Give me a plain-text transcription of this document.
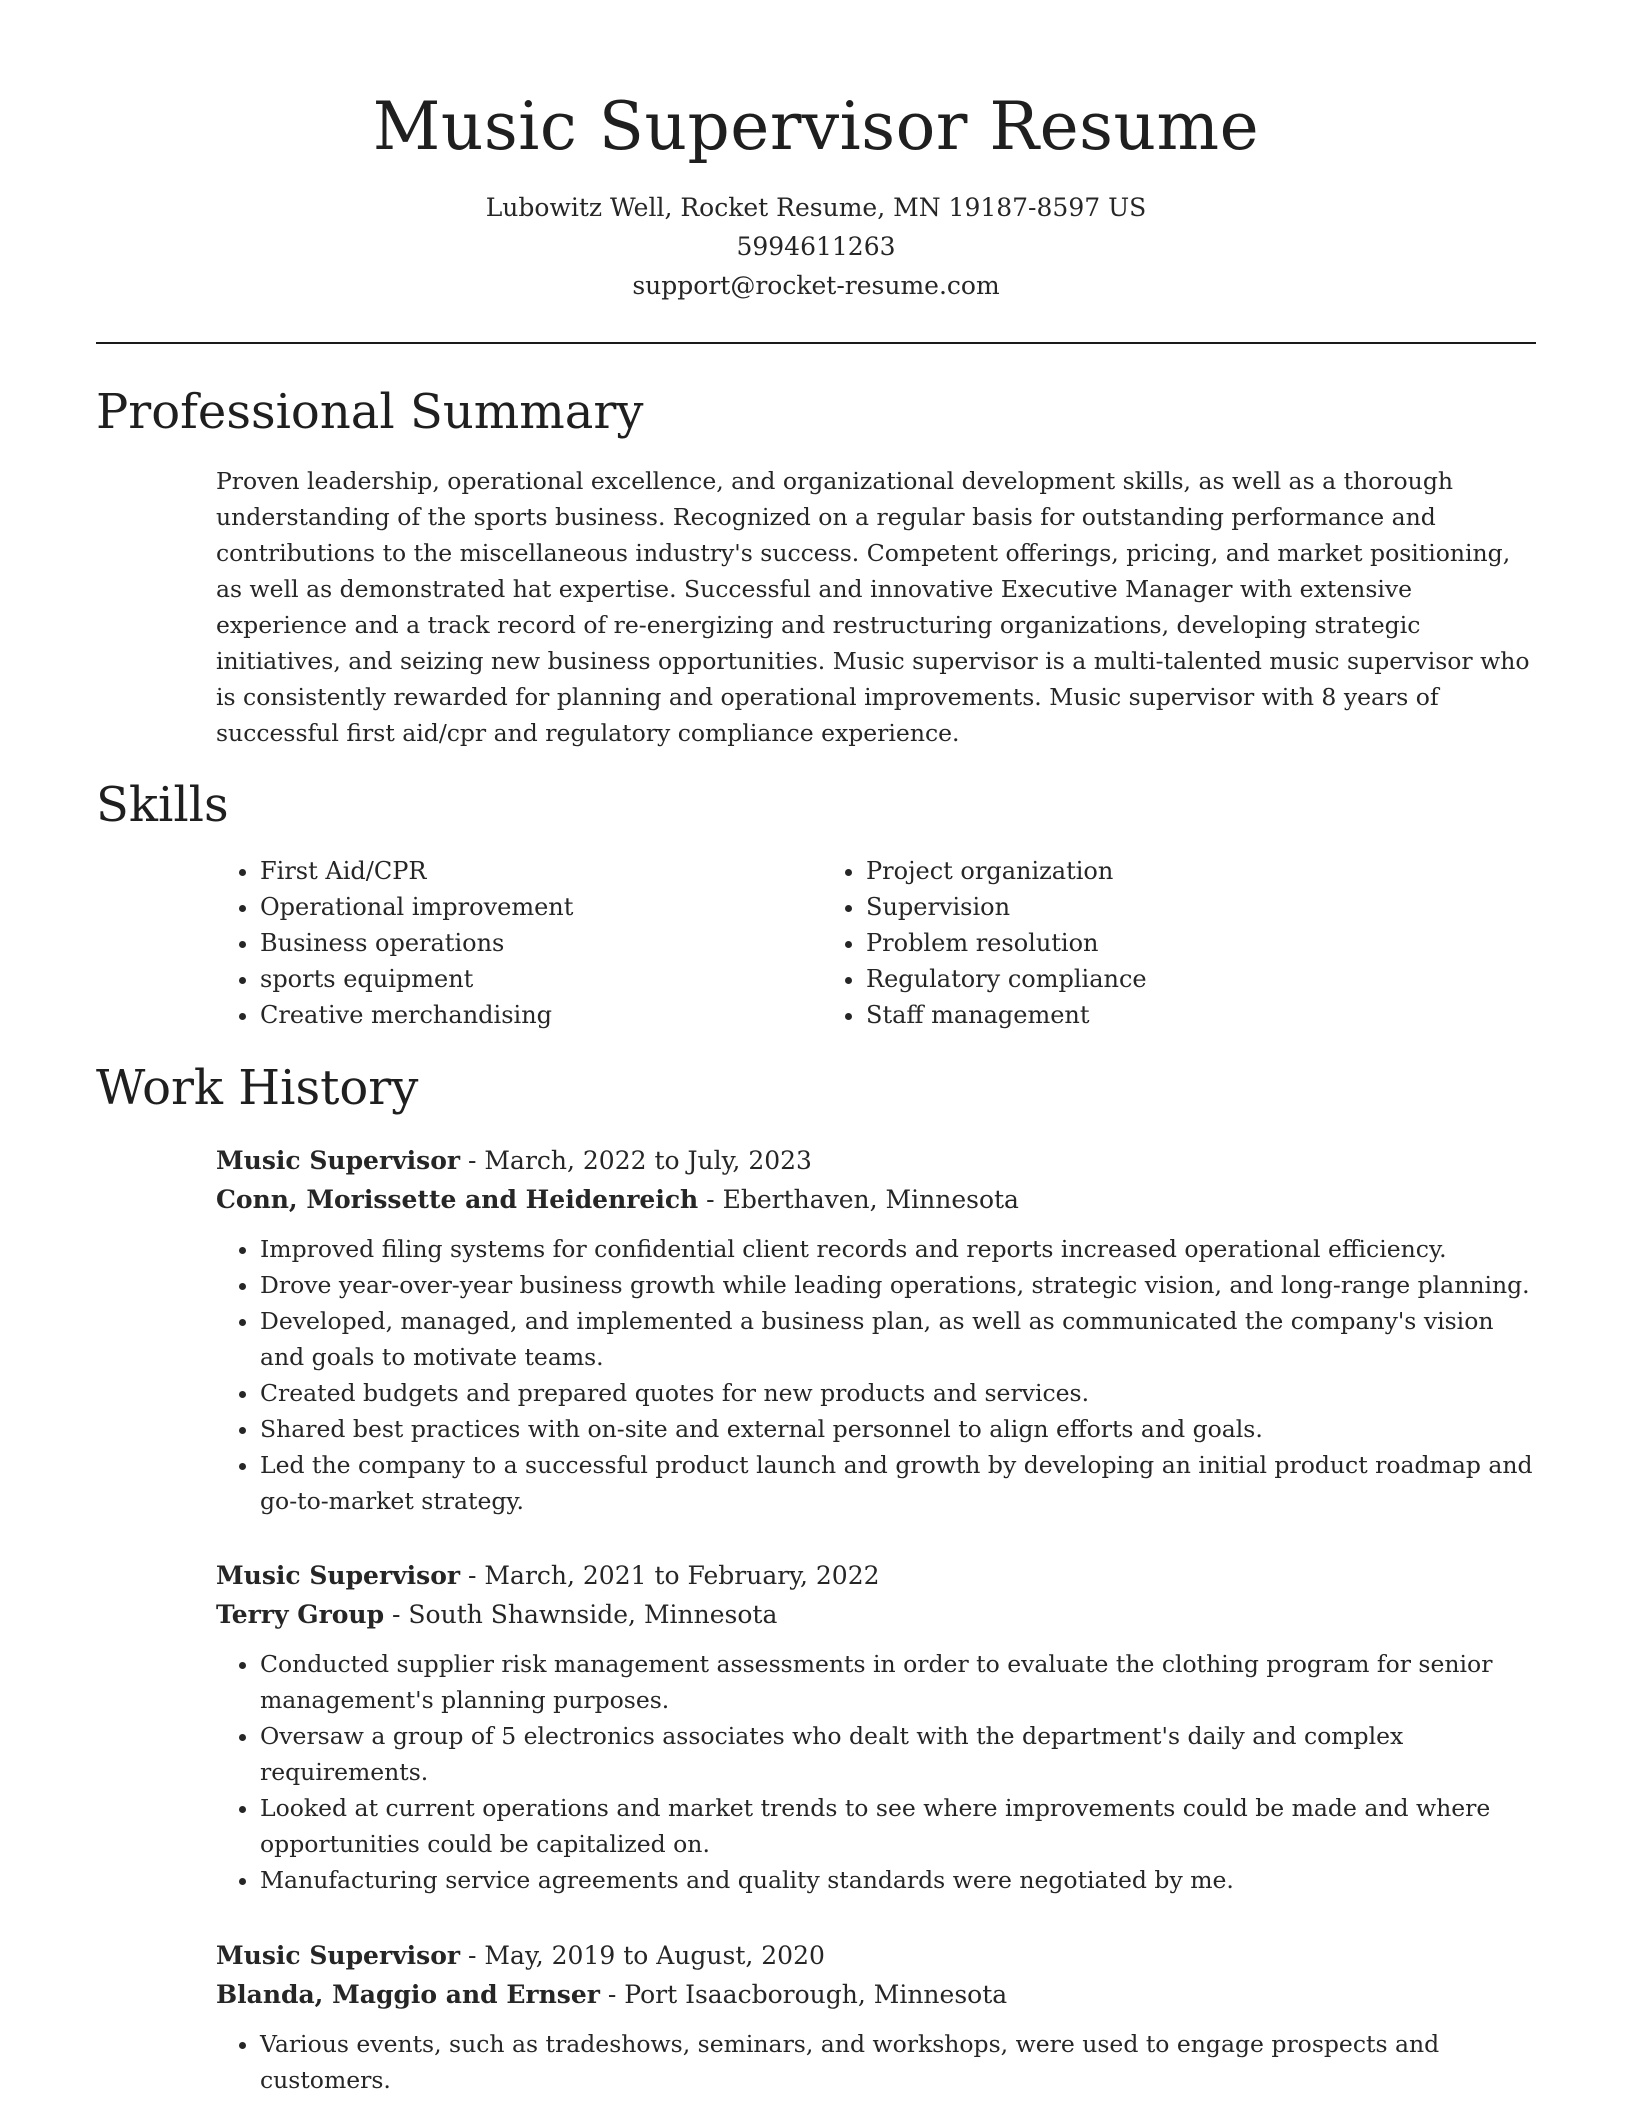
Music Supervisor Resume
Lubowitz Well, Rocket Resume, MN 19187-8597 US
5994611263
support@rocket-resume.com
Professional Summary

Proven leadership, operational excellence, and organizational development skills, as well as a thorough understanding of the sports business. Recognized on a regular basis for outstanding performance and contributions to the miscellaneous industry's success. Competent offerings, pricing, and market positioning, as well as demonstrated hat expertise. Successful and innovative Executive Manager with extensive experience and a track record of re-energizing and restructuring organizations, developing strategic initiatives, and seizing new business opportunities. Music supervisor is a multi-talented music supervisor who is consistently rewarded for planning and operational improvements. Music supervisor with 8 years of successful first aid/cpr and regulatory compliance experience.

Skills
• First Aid/CPR
• Operational improvement
• Business operations
• sports equipment
• Creative merchandising
• Project organization
• Supervision
• Problem resolution
• Regulatory compliance
• Staff management
Work History

Music Supervisor - March, 2022 to July, 2023

Conn, Morissette and Heidenreich - Eberthaven, Minnesota

• Improved filing systems for confidential client records and reports increased operational efficiency.
• Drove year-over-year business growth while leading operations, strategic vision, and long-range planning.
• Developed, managed, and implemented a business plan, as well as communicated the company's vision and goals to motivate teams.
• Created budgets and prepared quotes for new products and services.
• Shared best practices with on-site and external personnel to align efforts and goals.
• Led the company to a successful product launch and growth by developing an initial product roadmap and go-to-market strategy.

Music Supervisor - March, 2021 to February, 2022

Terry Group - South Shawnside, Minnesota

• Conducted supplier risk management assessments in order to evaluate the clothing program for senior management's planning purposes.
• Oversaw a group of 5 electronics associates who dealt with the department's daily and complex requirements.
• Looked at current operations and market trends to see where improvements could be made and where opportunities could be capitalized on.
• Manufacturing service agreements and quality standards were negotiated by me.

Music Supervisor - May, 2019 to August, 2020

Blanda, Maggio and Ernser - Port Isaacborough, Minnesota

• Various events, such as tradeshows, seminars, and workshops, were used to engage prospects and customers.
